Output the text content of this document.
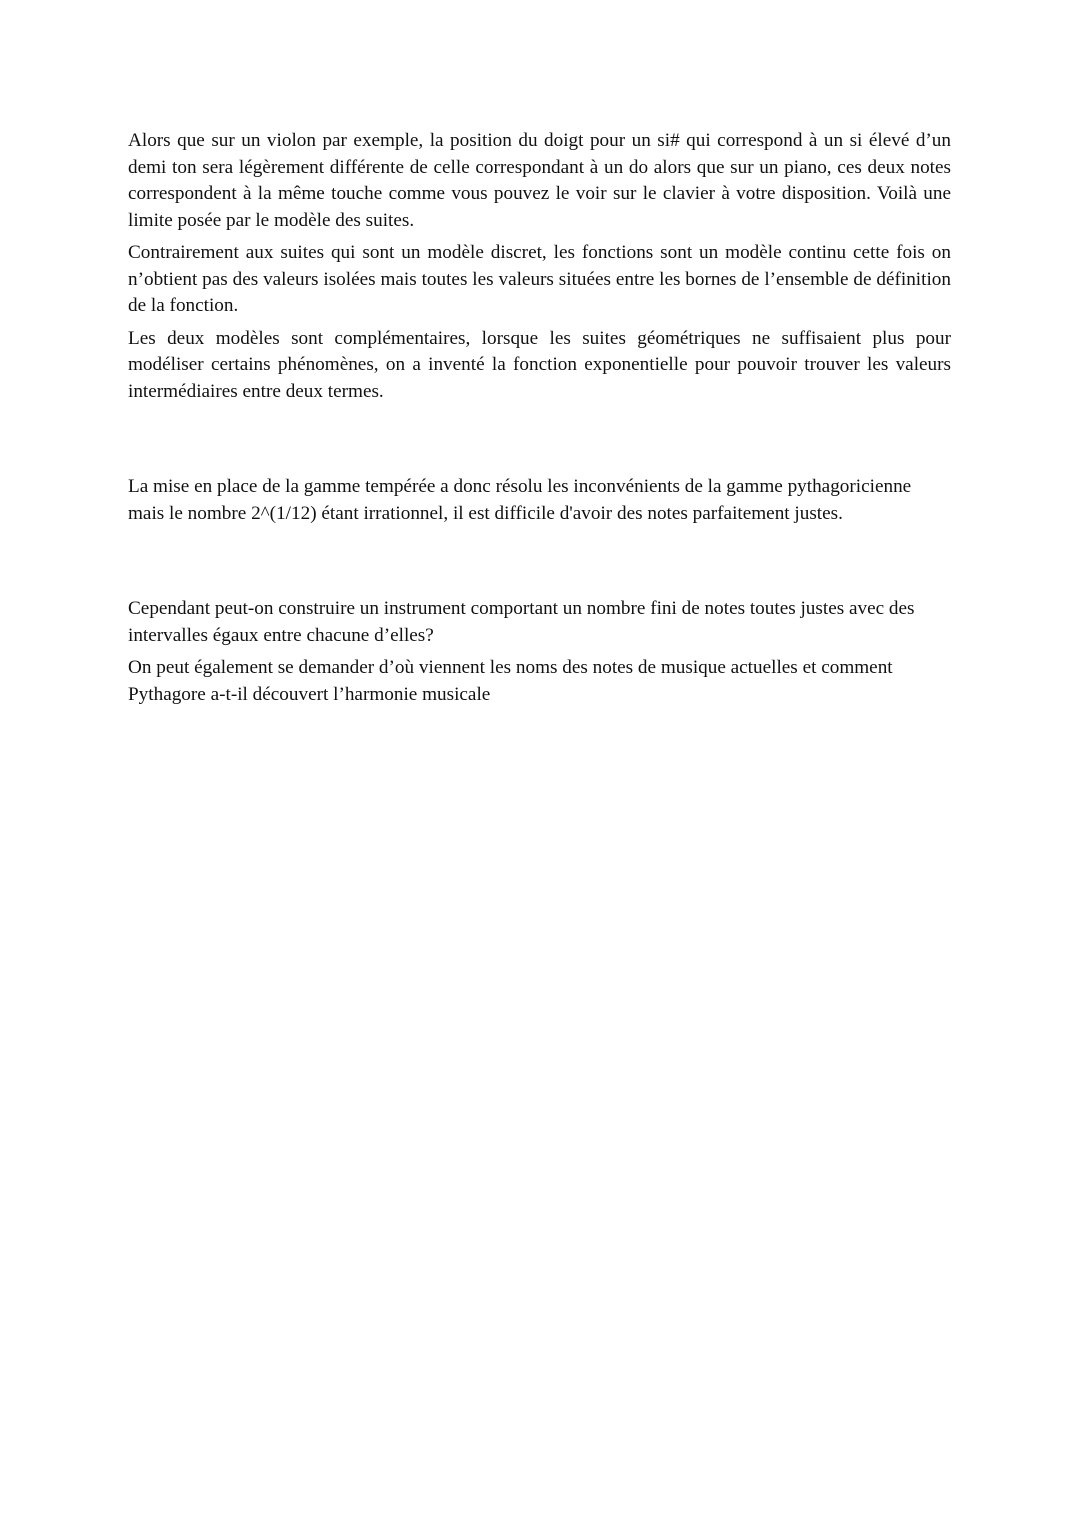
Alors que sur un violon par exemple, la position du doigt pour un si# qui correspond à un si élevé d’un demi ton sera légèrement différente de celle correspondant à un do alors que sur un piano, ces deux notes correspondent à la même touche comme vous pouvez le voir sur le clavier à votre disposition. Voilà une limite posée par le modèle des suites.

Contrairement aux suites qui sont un modèle discret, les fonctions sont un modèle continu cette fois on n’obtient pas des valeurs isolées mais toutes les valeurs situées entre les bornes de l’ensemble de définition de la fonction.

Les deux modèles sont complémentaires, lorsque les suites géométriques ne suffisaient plus pour modéliser certains phénomènes, on a inventé la fonction exponentielle pour pouvoir trouver les valeurs intermédiaires entre deux termes.

La mise en place de la gamme tempérée a donc résolu les inconvénients de la gamme pythagoricienne mais le nombre 2^(1/12) étant irrationnel, il est difficile d'avoir des notes parfaitement justes.

Cependant peut-on construire un instrument comportant un nombre fini de notes toutes justes avec des intervalles égaux entre chacune d’elles?

On peut également se demander d’où viennent les noms des notes de musique actuelles et comment Pythagore a-t-il découvert l’harmonie musicale
